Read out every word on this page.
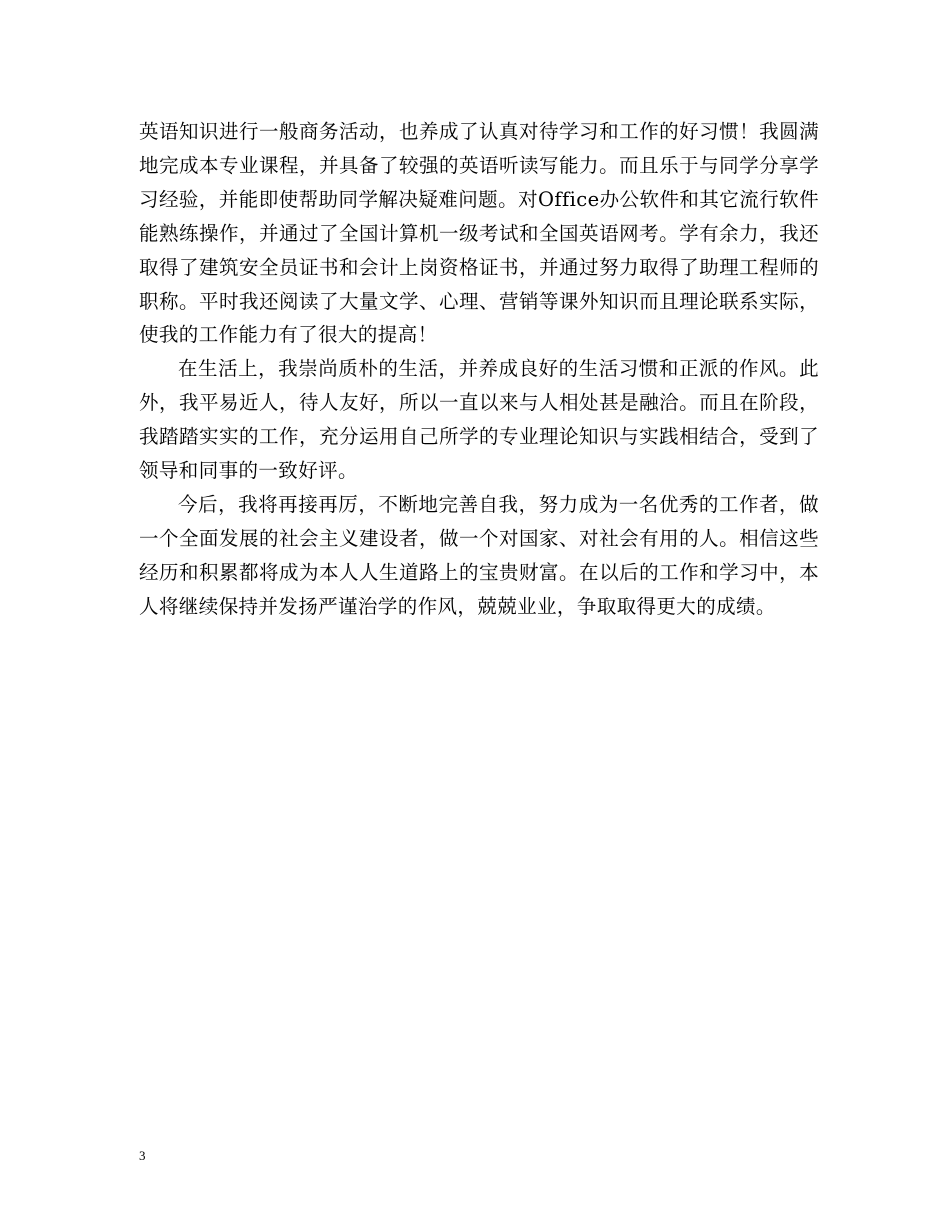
英语知识进行一般商务活动，也养成了认真对待学习和工作的好习惯！我圆满地完成本专业课程，并具备了较强的英语听读写能力。而且乐于与同学分享学习经验，并能即使帮助同学解决疑难问题。对Office办公软件和其它流行软件能熟练操作，并通过了全国计算机一级考试和全国英语网考。学有余力，我还取得了建筑安全员证书和会计上岗资格证书，并通过努力取得了助理工程师的职称。平时我还阅读了大量文学、心理、营销等课外知识而且理论联系实际，使我的工作能力有了很大的提高！

在生活上，我崇尚质朴的生活，并养成良好的生活习惯和正派的作风。此外，我平易近人，待人友好，所以一直以来与人相处甚是融洽。而且在阶段，我踏踏实实的工作，充分运用自己所学的专业理论知识与实践相结合，受到了领导和同事的一致好评。

今后，我将再接再厉，不断地完善自我，努力成为一名优秀的工作者，做一个全面发展的社会主义建设者，做一个对国家、对社会有用的人。相信这些经历和积累都将成为本人人生道路上的宝贵财富。在以后的工作和学习中，本人将继续保持并发扬严谨治学的作风，兢兢业业，争取取得更大的成绩。

3
